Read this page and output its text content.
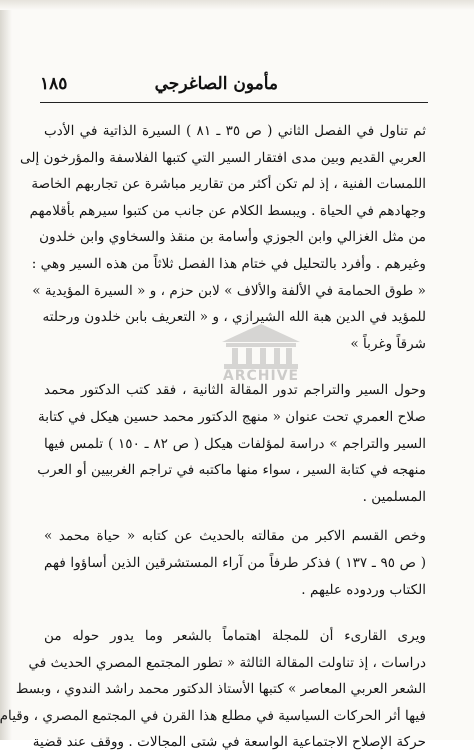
مأمون الصاغرجي
١٨٥
ARCHIVE
ثم تناول في الفصل الثاني ( ص ٣٥ ـ ٨١ ) السيرة الذاتية في الأدب
العربي القديم وبين مدى افتقار السير التي كتبها الفلاسفة والمؤرخون إلى
اللمسات الفنية ، إذ لم تكن أكثر من تقارير مباشرة عن تجاربهم الخاصة
وجهادهم في الحياة . ويبسط الكلام عن جانب من كتبوا سيرهم بأقلامهم
من مثل الغزالي وابن الجوزي وأسامة بن منقذ والسخاوي وابن خلدون
وغيرهم . وأفرد بالتحليل في ختام هذا الفصل ثلاثاً من هذه السير وهي :
« طوق الحمامة في الألفة والألاف » لابن حزم ، و « السيرة المؤيدية »
للمؤيد في الدين هبة الله الشيرازي ، و « التعريف بابن خلدون ورحلته
شرقاً وغرباً »
وحول السير والتراجم تدور المقالة الثانية ، فقد كتب الدكتور محمد
صلاح العمري تحت عنوان « منهج الدكتور محمد حسين هيكل في كتابة
السير والتراجم » دراسة لمؤلفات هيكل ( ص ٨٢ ـ ١٥٠ ) تلمس فيها
منهجه في كتابة السير ، سواء منها ماكتبه في تراجم الغربيين أو العرب
المسلمين .
وخص القسم الاكبر من مقالته بالحديث عن كتابه « حياة محمد »
( ص ٩٥ ـ ١٣٧ ) فذكر طرفاً من آراء المستشرقين الذين أساؤوا فهم
الكتاب وردوده عليهم .
ويرى القارىء أن للمجلة اهتماماً بالشعر وما يدور حوله من
دراسات ، إذ تناولت المقالة الثالثة « تطور المجتمع المصري الحديث في
الشعر العربي المعاصر » كتبها الأستاذ الدكتور محمد راشد الندوي ، وبسط
فيها أثر الحركات السياسية في مطلع هذا القرن في المجتمع المصري ، وقيام
حركة الإصلاح الاجتماعية الواسعة في شتى المجالات . ووقف عند قضية
